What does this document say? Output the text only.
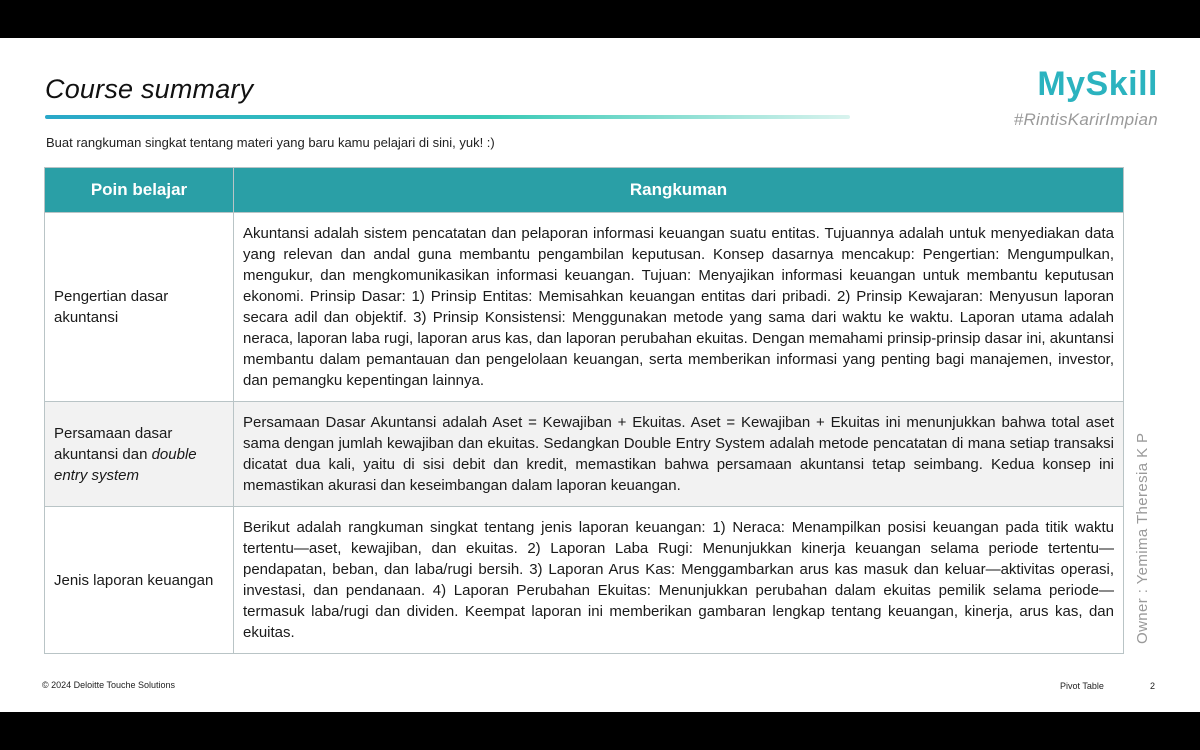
Course summary	MySkill
#RintisKarirImpian
Buat rangkuman singkat tentang materi yang baru kamu pelajari di sini, yuk! :)
Poin belajar	Rangkuman
Pengertian dasar akuntansi	Akuntansi adalah sistem pencatatan dan pelaporan informasi keuangan suatu entitas. Tujuannya adalah untuk menyediakan data yang relevan dan andal guna membantu pengambilan keputusan. Konsep dasarnya mencakup: Pengertian: Mengumpulkan, mengukur, dan mengkomunikasikan informasi keuangan. Tujuan: Menyajikan informasi keuangan untuk membantu keputusan ekonomi. Prinsip Dasar: 1) Prinsip Entitas: Memisahkan keuangan entitas dari pribadi. 2) Prinsip Kewajaran: Menyusun laporan secara adil dan objektif. 3) Prinsip Konsistensi: Menggunakan metode yang sama dari waktu ke waktu. Laporan utama adalah neraca, laporan laba rugi, laporan arus kas, dan laporan perubahan ekuitas. Dengan memahami prinsip-prinsip dasar ini, akuntansi membantu dalam pemantauan dan pengelolaan keuangan, serta memberikan informasi yang penting bagi manajemen, investor, dan pemangku kepentingan lainnya.
Persamaan dasar akuntansi dan double entry system	Persamaan Dasar Akuntansi adalah Aset = Kewajiban + Ekuitas. Aset = Kewajiban + Ekuitas ini menunjukkan bahwa total aset sama dengan jumlah kewajiban dan ekuitas. Sedangkan Double Entry System adalah metode pencatatan di mana setiap transaksi dicatat dua kali, yaitu di sisi debit dan kredit, memastikan bahwa persamaan akuntansi tetap seimbang. Kedua konsep ini memastikan akurasi dan keseimbangan dalam laporan keuangan.
Jenis laporan keuangan	Berikut adalah rangkuman singkat tentang jenis laporan keuangan: 1) Neraca: Menampilkan posisi keuangan pada titik waktu tertentu—aset, kewajiban, dan ekuitas. 2) Laporan Laba Rugi: Menunjukkan kinerja keuangan selama periode tertentu—pendapatan, beban, dan laba/rugi bersih. 3) Laporan Arus Kas: Menggambarkan arus kas masuk dan keluar—aktivitas operasi, investasi, dan pendanaan. 4) Laporan Perubahan Ekuitas: Menunjukkan perubahan dalam ekuitas pemilik selama periode—termasuk laba/rugi dan dividen. Keempat laporan ini memberikan gambaran lengkap tentang keuangan, kinerja, arus kas, dan ekuitas.	Owner : Yemima Theresia K P
© 2024 Deloitte Touche Solutions	Pivot Table	2
